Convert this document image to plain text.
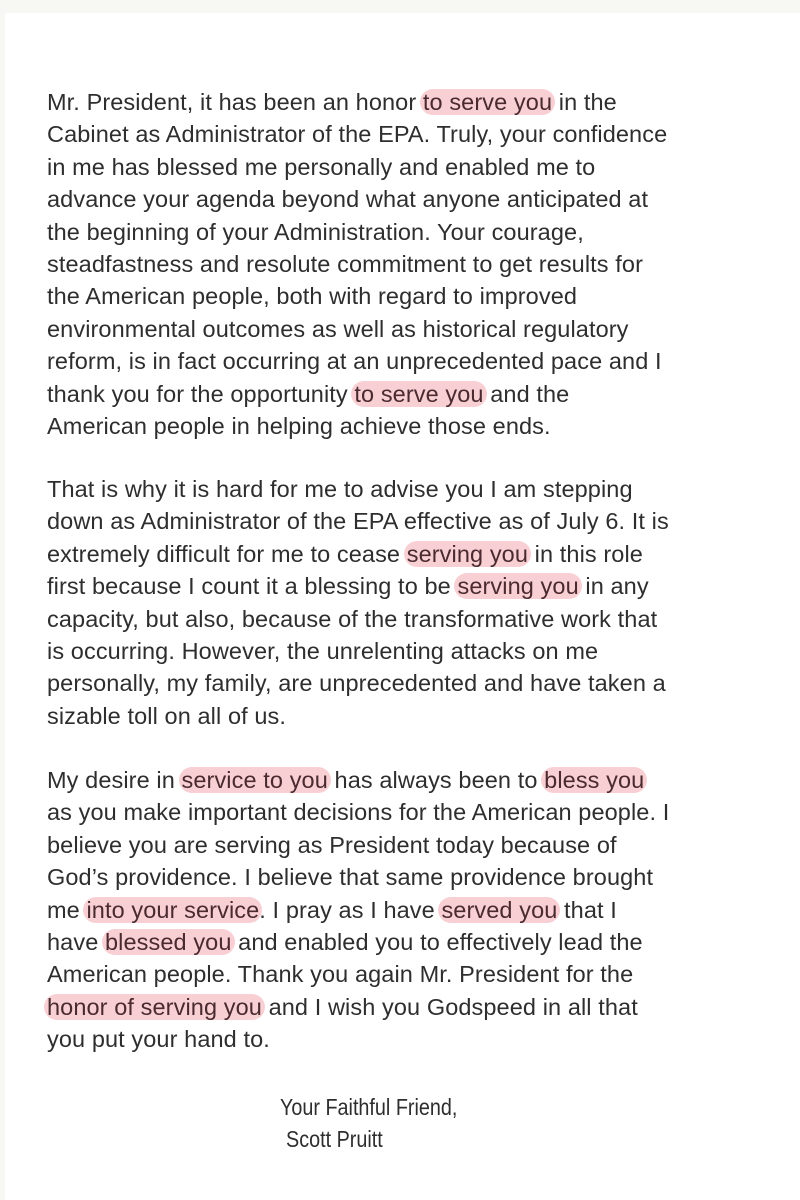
Mr. President, it has been an honor to serve you in the
Cabinet as Administrator of the EPA. Truly, your confidence
in me has blessed me personally and enabled me to
advance your agenda beyond what anyone anticipated at
the beginning of your Administration. Your courage,
steadfastness and resolute commitment to get results for
the American people, both with regard to improved
environmental outcomes as well as historical regulatory
reform, is in fact occurring at an unprecedented pace and I
thank you for the opportunity to serve you and the
American people in helping achieve those ends.
That is why it is hard for me to advise you I am stepping
down as Administrator of the EPA effective as of July 6. It is
extremely difficult for me to cease serving you in this role
first because I count it a blessing to be serving you in any
capacity, but also, because of the transformative work that
is occurring. However, the unrelenting attacks on me
personally, my family, are unprecedented and have taken a
sizable toll on all of us.
My desire in service to you has always been to bless you
as you make important decisions for the American people. I
believe you are serving as President today because of
God’s providence. I believe that same providence brought
me into your service. I pray as I have served you that I
have blessed you and enabled you to effectively lead the
American people. Thank you again Mr. President for the
honor of serving you and I wish you Godspeed in all that
you put your hand to.
Your Faithful Friend,
Scott Pruitt
